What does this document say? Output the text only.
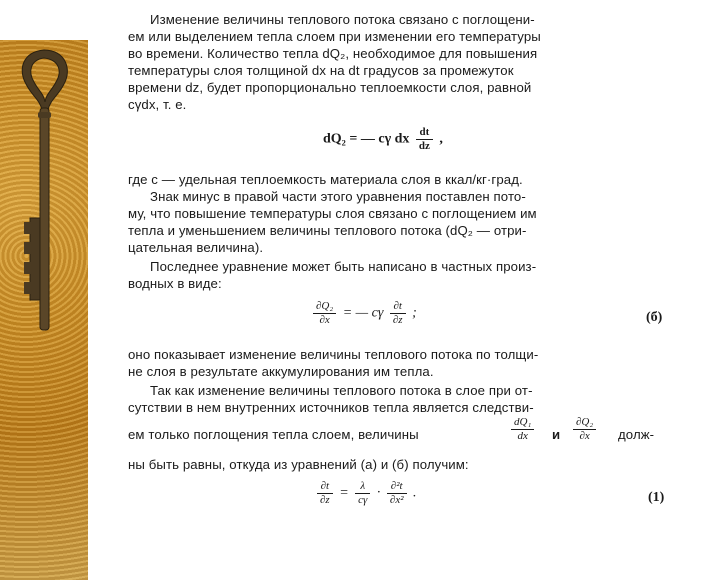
Изменение величины теплового потока связано с поглощени-
ем или выделением тепла слоем при изменении его температуры
во времени. Количество тепла dQ₂, необходимое для повышения
температуры слоя толщиной dx на dt градусов за промежуток
времени dz, будет пропорционально теплоемкости слоя, равной
cγdx, т. е.
dQ₂ = — cγ dx $\frac{dt}{dz}$ ,
где c — удельная теплоемкость материала слоя в ккал/кг·град.
Знак минус в правой части этого уравнения поставлен пото-
му, что повышение температуры слоя связано с поглощением им
тепла и уменьшением величины теплового потока (dQ₂ — отри-
цательная величина).
Последнее уравнение может быть написано в частных произ-
водных в виде:
$\frac{\text{∂Q₂}}{\partial x}$ = — cγ $\frac{\partial t}{\partial z}$ ;	(б)
оно показывает изменение величины теплового потока по толщи-
не слоя в результате аккумулирования им тепла.
Так как изменение величины теплового потока в слое при от-
сутствии в нем внутренних источников тепла является следстви-
ем только поглощения тепла слоем, величины	$\frac{\text{dQ₁}}{dx}$ и $\frac{\text{∂Q₂}}{\partial x}$ долж-
ны быть равны, откуда из уравнений (а) и (б) получим:
$\frac{\partial t}{\partial z} = \frac{\lambda}{c\gamma} \cdot \frac{\text{∂²t}}{\text{∂x²}}$ .	(1)
